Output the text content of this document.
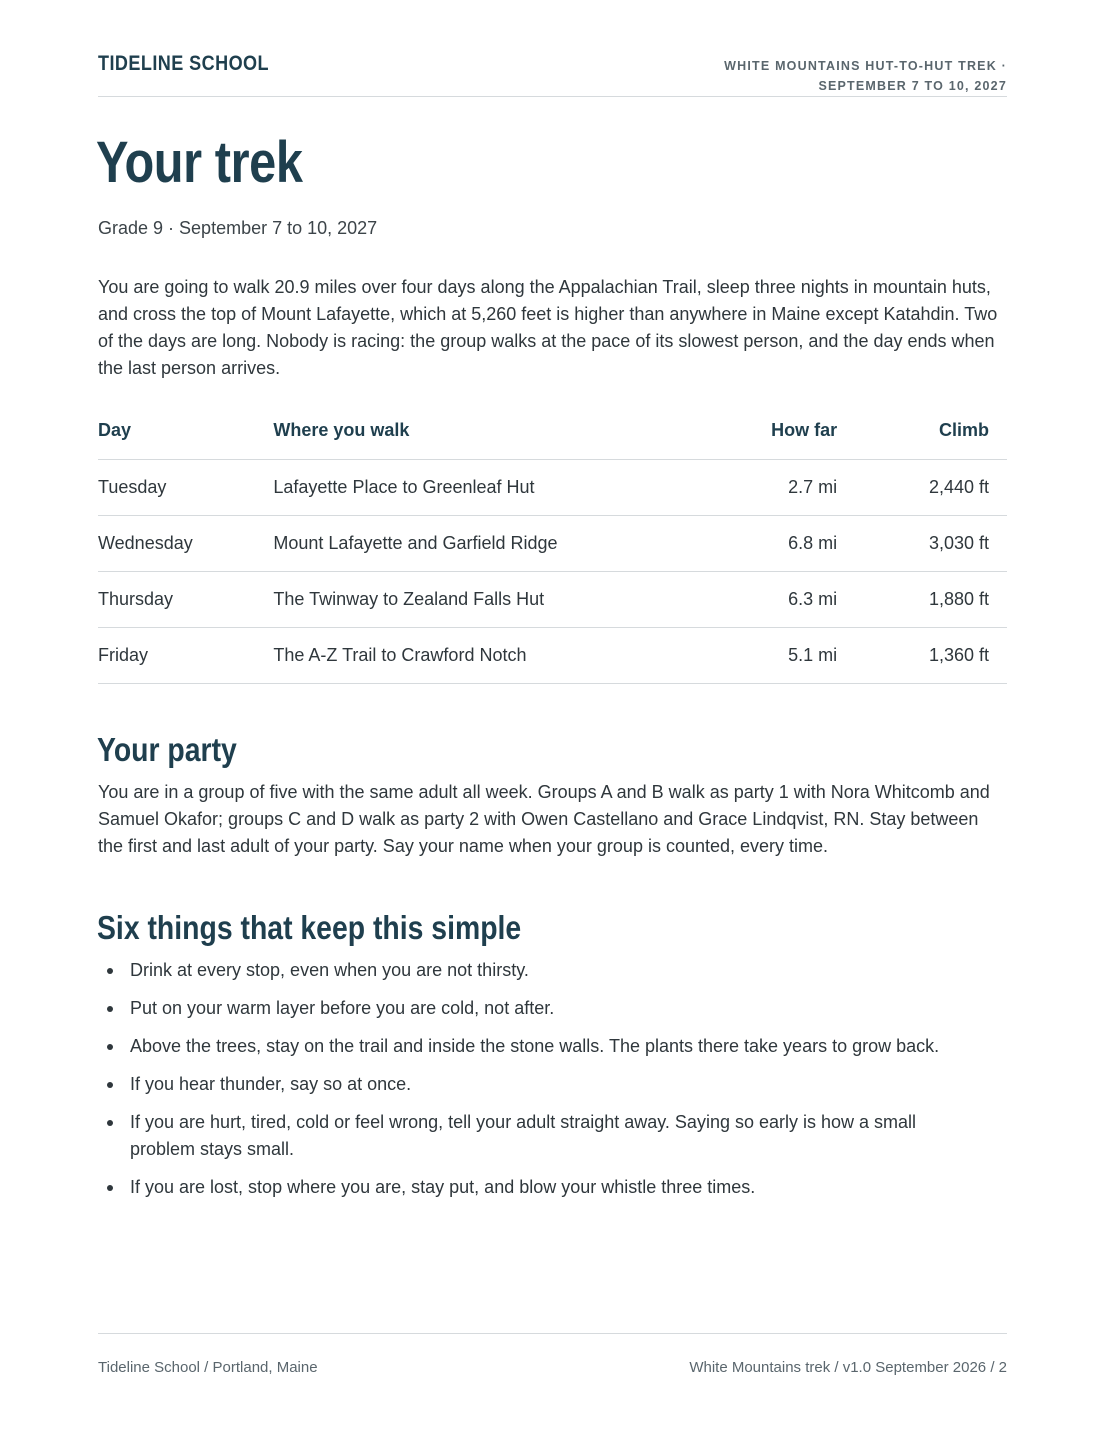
TIDELINE SCHOOL	WHITE MOUNTAINS HUT-TO-HUT TREK ·
SEPTEMBER 7 TO 10, 2027
Your trek
Grade 9 · September 7 to 10, 2027

You are going to walk 20.9 miles over four days along the Appalachian Trail, sleep three nights in mountain huts, and cross the top of Mount Lafayette, which at 5,260 feet is higher than anywhere in Maine except Katahdin. Two of the days are long. Nobody is racing: the group walks at the pace of its slowest person, and the day ends when the last person arrives.

Day	Where you walk	How far	Climb
Tuesday	Lafayette Place to Greenleaf Hut	2.7 mi	2,440 ft
Wednesday	Mount Lafayette and Garfield Ridge	6.8 mi	3,030 ft
Thursday	The Twinway to Zealand Falls Hut	6.3 mi	1,880 ft
Friday	The A-Z Trail to Crawford Notch	5.1 mi	1,360 ft
Your party

You are in a group of five with the same adult all week. Groups A and B walk as party 1 with Nora Whitcomb and Samuel Okafor; groups C and D walk as party 2 with Owen Castellano and Grace Lindqvist, RN. Stay between the first and last adult of your party. Say your name when your group is counted, every time.

Six things that keep this simple
Drink at every stop, even when you are not thirsty.
Put on your warm layer before you are cold, not after.
Above the trees, stay on the trail and inside the stone walls. The plants there take years to grow back.
If you hear thunder, say so at once.
If you are hurt, tired, cold or feel wrong, tell your adult straight away. Saying so early is how a small problem stays small.
If you are lost, stop where you are, stay put, and blow your whistle three times.
Tideline School / Portland, Maine	White Mountains trek / v1.0 September 2026 / 2
